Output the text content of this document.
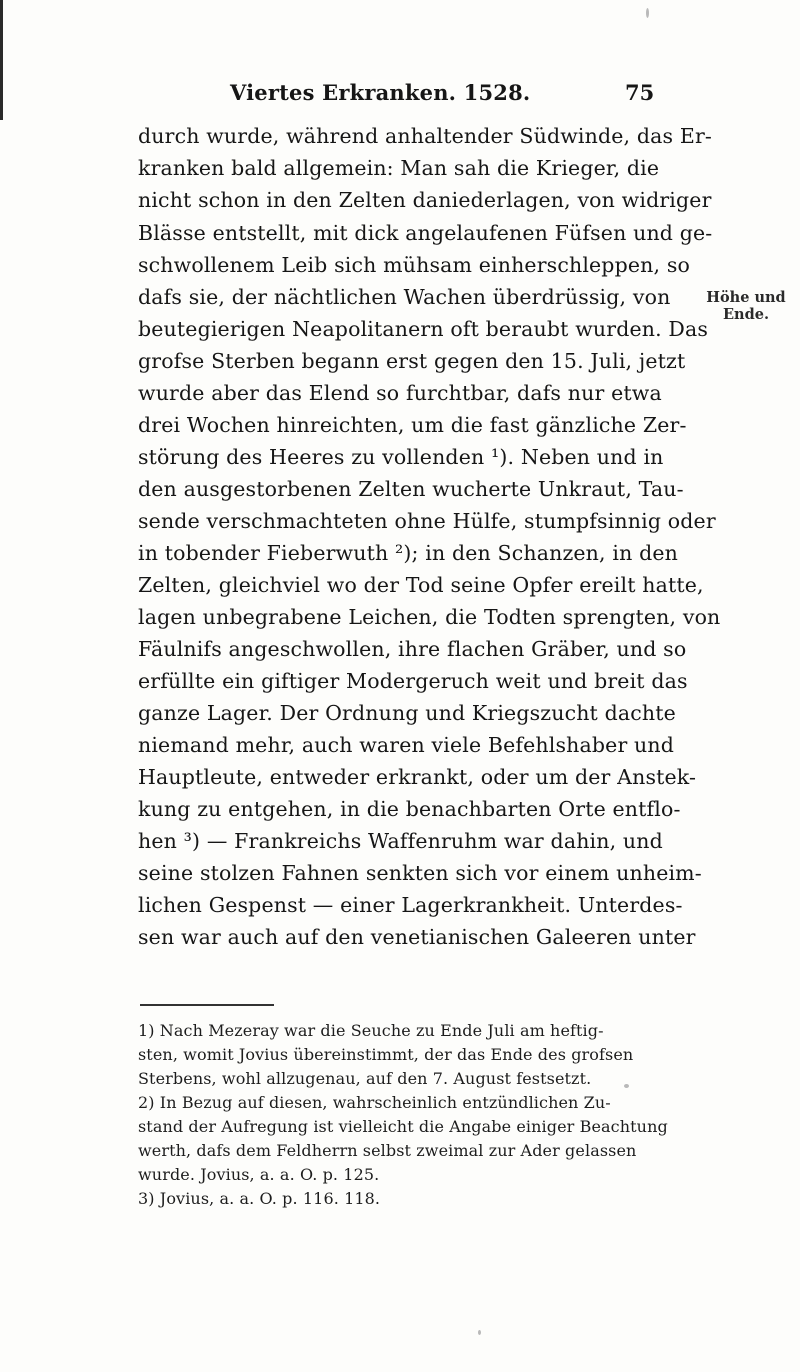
Viertes Erkranken. 1528.	75
durch wurde, während anhaltender Südwinde, das Er-
kranken bald allgemein: Man sah die Krieger, die
nicht schon in den Zelten daniederlagen, von widriger
Blässe entstellt, mit dick angelaufenen Füfsen und ge-
schwollenem Leib sich mühsam einherschleppen, so
dafs sie, der nächtlichen Wachen überdrüssig, von
beutegierigen Neapolitanern oft beraubt wurden. Das
grofse Sterben begann erst gegen den 15. Juli, jetzt
wurde aber das Elend so furchtbar, dafs nur etwa
drei Wochen hinreichten, um die fast gänzliche Zer-
störung des Heeres zu vollenden ¹). Neben und in
den ausgestorbenen Zelten wucherte Unkraut, Tau-
sende verschmachteten ohne Hülfe, stumpfsinnig oder
in tobender Fieberwuth ²); in den Schanzen, in den
Zelten, gleichviel wo der Tod seine Opfer ereilt hatte,
lagen unbegrabene Leichen, die Todten sprengten, von
Fäulnifs angeschwollen, ihre flachen Gräber, und so
erfüllte ein giftiger Modergeruch weit und breit das
ganze Lager. Der Ordnung und Kriegszucht dachte
niemand mehr, auch waren viele Befehlshaber und
Hauptleute, entweder erkrankt, oder um der Anstek-
kung zu entgehen, in die benachbarten Orte entflo-
hen ³) — Frankreichs Waffenruhm war dahin, und
seine stolzen Fahnen senkten sich vor einem unheim-
lichen Gespenst — einer Lagerkrankheit. Unterdes-
sen war auch auf den venetianischen Galeeren unter
Höhe und Ende.
1) Nach Mezeray war die Seuche zu Ende Juli am heftig-
sten, womit Jovius übereinstimmt, der das Ende des grofsen
Sterbens, wohl allzugenau, auf den 7. August festsetzt.
2) In Bezug auf diesen, wahrscheinlich entzündlichen Zu-
stand der Aufregung ist vielleicht die Angabe einiger Beachtung
werth, dafs dem Feldherrn selbst zweimal zur Ader gelassen
wurde. Jovius, a. a. O. p. 125.
3) Jovius, a. a. O. p. 116. 118.
